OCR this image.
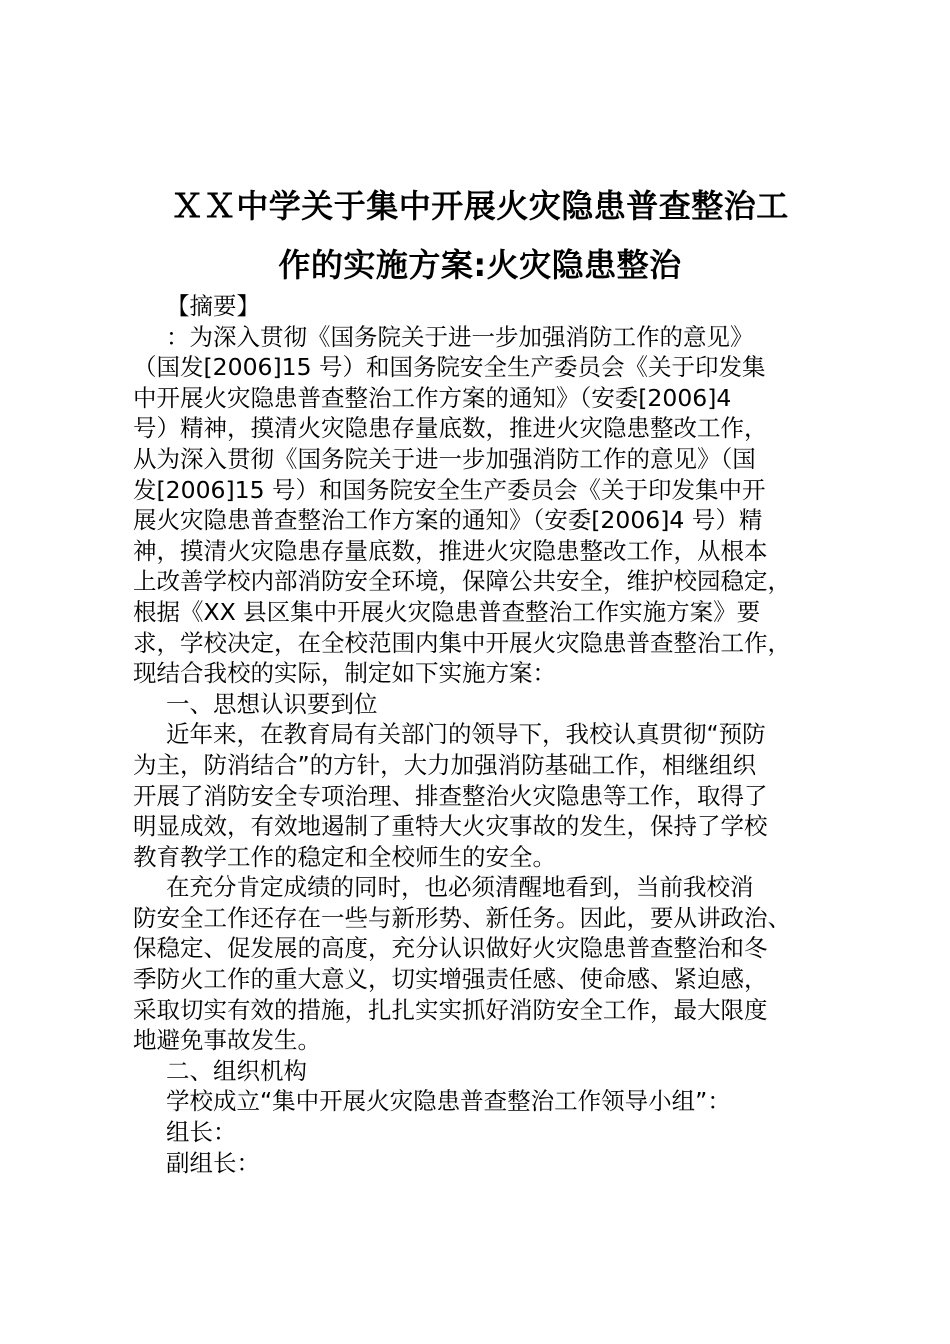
ＸＸ中学关于集中开展火灾隐患普查整治工
作的实施方案:火灾隐患整治
【摘要】
：为深入贯彻《国务院关于进一步加强消防工作的意见》
（国发[2006]15 号）和国务院安全生产委员会《关于印发集
中开展火灾隐患普查整治工作方案的通知》（安委[2006]4
号）精神，摸清火灾隐患存量底数，推进火灾隐患整改工作，
从为深入贯彻《国务院关于进一步加强消防工作的意见》（国
发[2006]15 号）和国务院安全生产委员会《关于印发集中开
展火灾隐患普查整治工作方案的通知》（安委[2006]4 号）精
神，摸清火灾隐患存量底数，推进火灾隐患整改工作，从根本
上改善学校内部消防安全环境，保障公共安全，维护校园稳定，
根据《XX 县区集中开展火灾隐患普查整治工作实施方案》要
求，学校决定，在全校范围内集中开展火灾隐患普查整治工作，
现结合我校的实际，制定如下实施方案：
一、思想认识要到位
近年来，在教育局有关部门的领导下，我校认真贯彻“预防
为主，防消结合”的方针，大力加强消防基础工作，相继组织
开展了消防安全专项治理、排查整治火灾隐患等工作，取得了
明显成效，有效地遏制了重特大火灾事故的发生，保持了学校
教育教学工作的稳定和全校师生的安全。
在充分肯定成绩的同时，也必须清醒地看到，当前我校消
防安全工作还存在一些与新形势、新任务。因此，要从讲政治、
保稳定、促发展的高度，充分认识做好火灾隐患普查整治和冬
季防火工作的重大意义，切实增强责任感、使命感、紧迫感，
采取切实有效的措施，扎扎实实抓好消防安全工作，最大限度
地避免事故发生。
二、组织机构
学校成立“集中开展火灾隐患普查整治工作领导小组”：
组长：
副组长：
